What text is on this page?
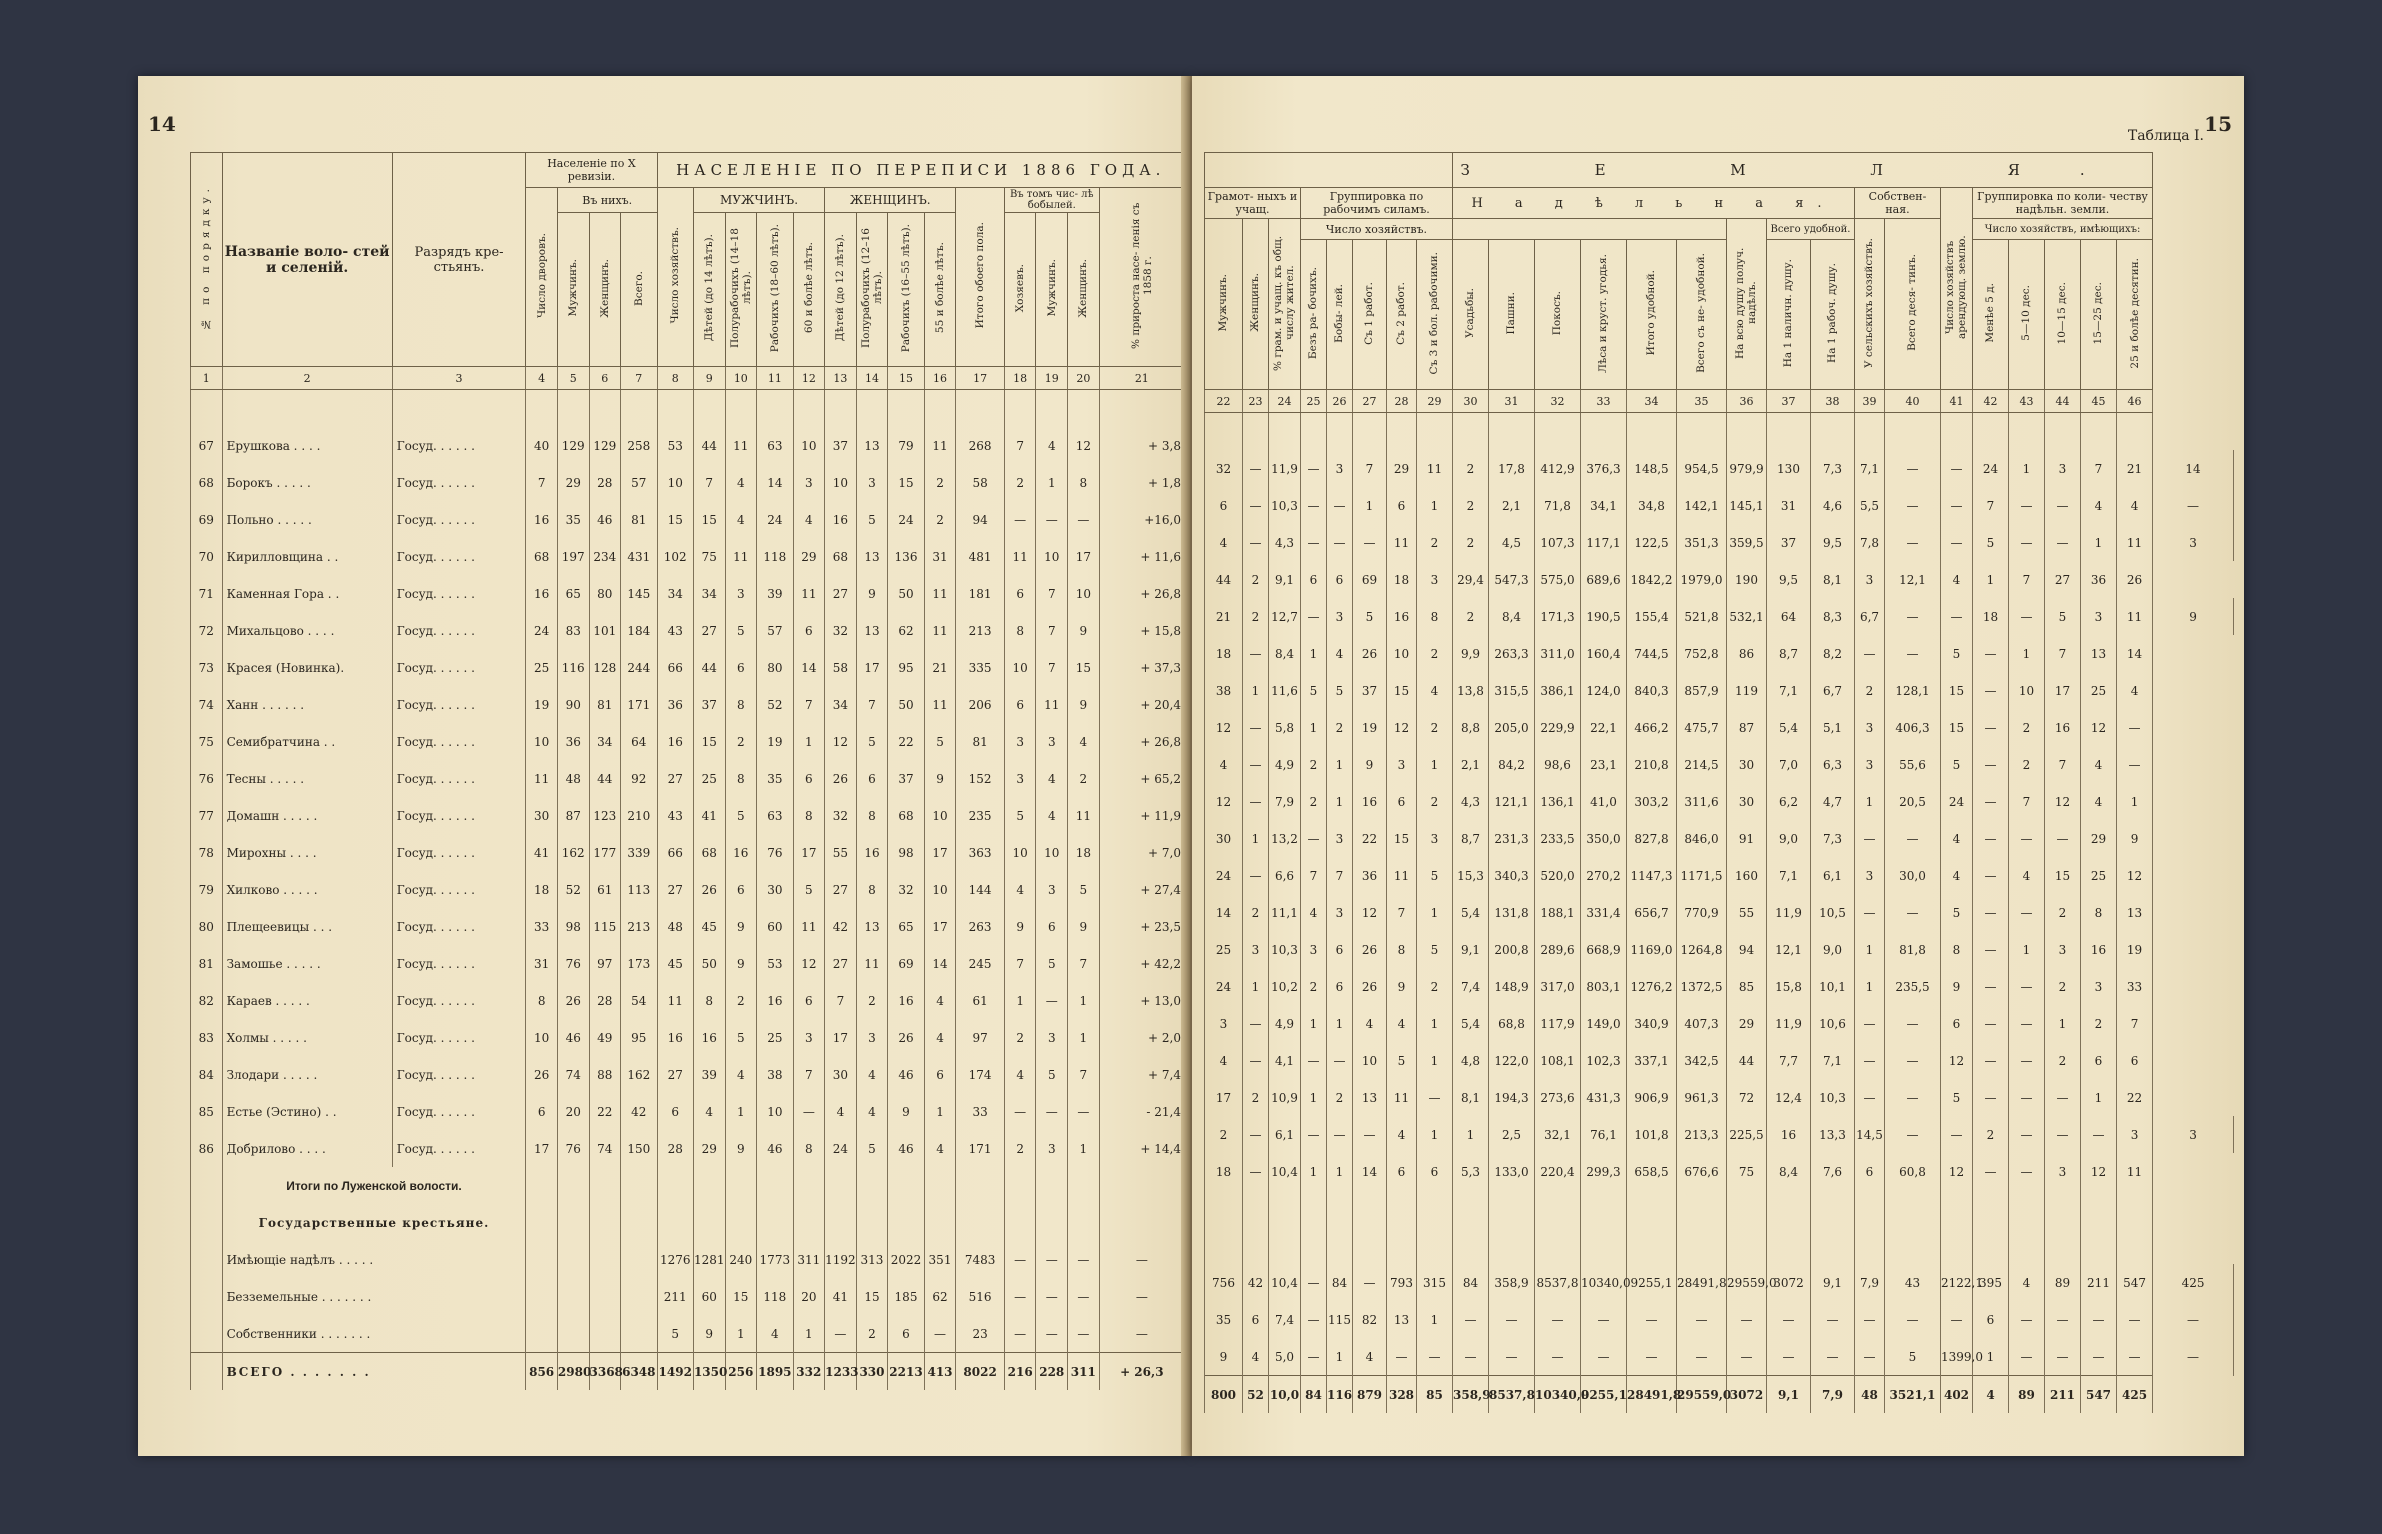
14
№ по порядку.	Названіе воло- стей и селеній.	Разрядъ кре- стьянъ.	Населеніе по X ревизіи.				НАСЕЛЕНІЕ ПО ПЕРЕПИСИ 1886 ГОДА.													
			Число дворовъ.	Въ нихъ.			Число хозяйствъ.	МУЖЧИНЪ.				ЖЕНЩИНЪ.				Итого обоего пола.	Въ томъ чис- лѣ бобылей.			% прироста насе- ленія съ 1858 г.
				Мужчинъ.	Женщинъ.	Всего.		Дѣтей (до 14 лѣтъ).	Полурабочихъ (14–18 лѣтъ).	Рабочихъ (18–60 лѣтъ).	60 и болѣе лѣтъ.	Дѣтей (до 12 лѣтъ).	Полурабочихъ (12–16 лѣтъ).	Рабочихъ (16–55 лѣтъ).	55 и болѣе лѣтъ.		Хозяевъ.	Мужчинъ.	Женщинъ.	
1	2	3	4	5	6	7	8	9	10	11	12	13	14	15	16	17	18	19	20	21

67	Ерушкова . . . .	Госуд. . . . . .	40	129	129	258	53	44	11	63	10	37	13	79	11	268	7	4	12	+ 3,8
68	Борокъ . . . . .	Госуд. . . . . .	7	29	28	57	10	7	4	14	3	10	3	15	2	58	2	1	8	+ 1,8
69	Польно . . . . .	Госуд. . . . . .	16	35	46	81	15	15	4	24	4	16	5	24	2	94	—	—	—	+16,0
70	Кирилловщина . .	Госуд. . . . . .	68	197	234	431	102	75	11	118	29	68	13	136	31	481	11	10	17	+ 11,6
71	Каменная Гора . .	Госуд. . . . . .	16	65	80	145	34	34	3	39	11	27	9	50	11	181	6	7	10	+ 26,8
72	Михальцово . . . .	Госуд. . . . . .	24	83	101	184	43	27	5	57	6	32	13	62	11	213	8	7	9	+ 15,8
73	Красея (Новинка).	Госуд. . . . . .	25	116	128	244	66	44	6	80	14	58	17	95	21	335	10	7	15	+ 37,3
74	Ханн . . . . . .	Госуд. . . . . .	19	90	81	171	36	37	8	52	7	34	7	50	11	206	6	11	9	+ 20,4
75	Семибратчина . .	Госуд. . . . . .	10	36	34	64	16	15	2	19	1	12	5	22	5	81	3	3	4	+ 26,8
76	Тесны . . . . .	Госуд. . . . . .	11	48	44	92	27	25	8	35	6	26	6	37	9	152	3	4	2	+ 65,2
77	Домашн . . . . .	Госуд. . . . . .	30	87	123	210	43	41	5	63	8	32	8	68	10	235	5	4	11	+ 11,9
78	Мирохны . . . .	Госуд. . . . . .	41	162	177	339	66	68	16	76	17	55	16	98	17	363	10	10	18	+ 7,0
79	Хилково . . . . .	Госуд. . . . . .	18	52	61	113	27	26	6	30	5	27	8	32	10	144	4	3	5	+ 27,4
80	Плещеевицы . . .	Госуд. . . . . .	33	98	115	213	48	45	9	60	11	42	13	65	17	263	9	6	9	+ 23,5
81	Замошье . . . . .	Госуд. . . . . .	31	76	97	173	45	50	9	53	12	27	11	69	14	245	7	5	7	+ 42,2
82	Карaeв . . . . .	Госуд. . . . . .	8	26	28	54	11	8	2	16	6	7	2	16	4	61	1	—	1	+ 13,0
83	Холмы . . . . .	Госуд. . . . . .	10	46	49	95	16	16	5	25	3	17	3	26	4	97	2	3	1	+ 2,0
84	Злодари . . . . .	Госуд. . . . . .	26	74	88	162	27	39	4	38	7	30	4	46	6	174	4	5	7	+ 7,4
85	Естье (Эстино) . .	Госуд. . . . . .	6	20	22	42	6	4	1	10	—	4	4	9	1	33	—	—	—	- 21,4
86	Добрилово . . . .	Госуд. . . . . .	17	76	74	150	28	29	9	46	8	24	5	46	4	171	2	3	1	+ 14,4
	Итоги по Луженской волости.																			
	Государственные крестьяне.																			
	Имѣющіе надѣлъ . . . . .						1276	1281	240	1773	311	1192	313	2022	351	7483	—	—	—	—
	Безземельные . . . . . . .						211	60	15	118	20	41	15	185	62	516	—	—	—	—
	Собственники . . . . . . .						5	9	1	4	1	—	2	6	—	23	—	—	—	—
	ВСЕГО . . . . . . .		856	2980	3368	6348	1492	1350	256	1895	332	1233	330	2213	413	8022	216	228	311	+ 26,3
Таблица I. 15
								З Е М Л Я.																	
Грамот- ныхъ и учащ.			Группировка по рабочимъ силамъ.					Н а д ѣ л ь н а я.									Собствен- ная.		Число хозяйствъ арендующ. землю.	Группировка по коли- честву надѣльн. земли.					
Мужчинъ.	Женщинъ.	% грам. и учащ. къ общ. числу жител.	Число хозяйствъ.											На всю душу получ. надѣлъ.	Всего удобной.		У сельскихъ хозяйствъ.	Всего деся- тинъ.		Число хозяйствъ, имѣющихъ:					
			Безъ ра- бочихъ.	Бобы- лей.	Съ 1 работ.	Съ 2 работ.	Съ 3 и бол. рабочими.	Усадьбы.	Пашни.	Покосъ.	Лѣса и круст. угодья.	Итого удобной.	Всего съ не- удобной.		На 1 наличн. душу.	На 1 рабоч. душу.				Менѣе 5 д.	5—10 дес.	10—15 дес.	15—25 дес.	25 и болѣе десятин.	
22	23	24	25	26	27	28	29	30	31	32	33	34	35	36	37	38	39	40	41	42	43	44	45	46	

32	—	11,9	—	3	7	29	11	2	17,8	412,9	376,3	148,5	954,5	979,9	130	7,3	7,1	—	—	24	1	3	7	21	14
6	—	10,3	—	—	1	6	1	2	2,1	71,8	34,1	34,8	142,1	145,1	31	4,6	5,5	—	—	7	—	—	4	4	—
4	—	4,3	—	—	—	11	2	2	4,5	107,3	117,1	122,5	351,3	359,5	37	9,5	7,8	—	—	5	—	—	1	11	3
44	2	9,1	6	6	69	18	3	29,4	547,3	575,0	689,6	1842,2	1979,0	190	9,5	8,1	3	12,1	4	1	7	27	36	26	
21	2	12,7	—	3	5	16	8	2	8,4	171,3	190,5	155,4	521,8	532,1	64	8,3	6,7	—	—	18	—	5	3	11	9
18	—	8,4	1	4	26	10	2	9,9	263,3	311,0	160,4	744,5	752,8	86	8,7	8,2	—	—	5	—	1	7	13	14	
38	1	11,6	5	5	37	15	4	13,8	315,5	386,1	124,0	840,3	857,9	119	7,1	6,7	2	128,1	15	—	10	17	25	4	
12	—	5,8	1	2	19	12	2	8,8	205,0	229,9	22,1	466,2	475,7	87	5,4	5,1	3	406,3	15	—	2	16	12	—	
4	—	4,9	2	1	9	3	1	2,1	84,2	98,6	23,1	210,8	214,5	30	7,0	6,3	3	55,6	5	—	2	7	4	—	
12	—	7,9	2	1	16	6	2	4,3	121,1	136,1	41,0	303,2	311,6	30	6,2	4,7	1	20,5	24	—	7	12	4	1	
30	1	13,2	—	3	22	15	3	8,7	231,3	233,5	350,0	827,8	846,0	91	9,0	7,3	—	—	4	—	—	—	29	9	
24	—	6,6	7	7	36	11	5	15,3	340,3	520,0	270,2	1147,3	1171,5	160	7,1	6,1	3	30,0	4	—	4	15	25	12	
14	2	11,1	4	3	12	7	1	5,4	131,8	188,1	331,4	656,7	770,9	55	11,9	10,5	—	—	5	—	—	2	8	13	
25	3	10,3	3	6	26	8	5	9,1	200,8	289,6	668,9	1169,0	1264,8	94	12,1	9,0	1	81,8	8	—	1	3	16	19	
24	1	10,2	2	6	26	9	2	7,4	148,9	317,0	803,1	1276,2	1372,5	85	15,8	10,1	1	235,5	9	—	—	2	3	33	
3	—	4,9	1	1	4	4	1	5,4	68,8	117,9	149,0	340,9	407,3	29	11,9	10,6	—	—	6	—	—	1	2	7	
4	—	4,1	—	—	10	5	1	4,8	122,0	108,1	102,3	337,1	342,5	44	7,7	7,1	—	—	12	—	—	2	6	6	
17	2	10,9	1	2	13	11	—	8,1	194,3	273,6	431,3	906,9	961,3	72	12,4	10,3	—	—	5	—	—	—	1	22	
2	—	6,1	—	—	—	4	1	1	2,5	32,1	76,1	101,8	213,3	225,5	16	13,3	14,5	—	—	2	—	—	—	3	3
18	—	10,4	1	1	14	6	6	5,3	133,0	220,4	299,3	658,5	676,6	75	8,4	7,6	6	60,8	12	—	—	3	12	11	

756	42	10,4	—	84	—	793	315	84	358,9	8537,8	10340,0	9255,1	28491,8	29559,0	3072	9,1	7,9	43	2122,1	395	4	89	211	547	425
35	6	7,4	—	115	82	13	1	—	—	—	—	—	—	—	—	—	—	—	—	6	—	—	—	—	—
9	4	5,0	—	1	4	—	—	—	—	—	—	—	—	—	—	—	—	5	1399,0	1	—	—	—	—	—
800	52	10,0	84	116	879	328	85	358,9	8537,8	10340,0	9255,1	28491,8	29559,0	3072	9,1	7,9	48	3521,1	402	4	89	211	547	425	
